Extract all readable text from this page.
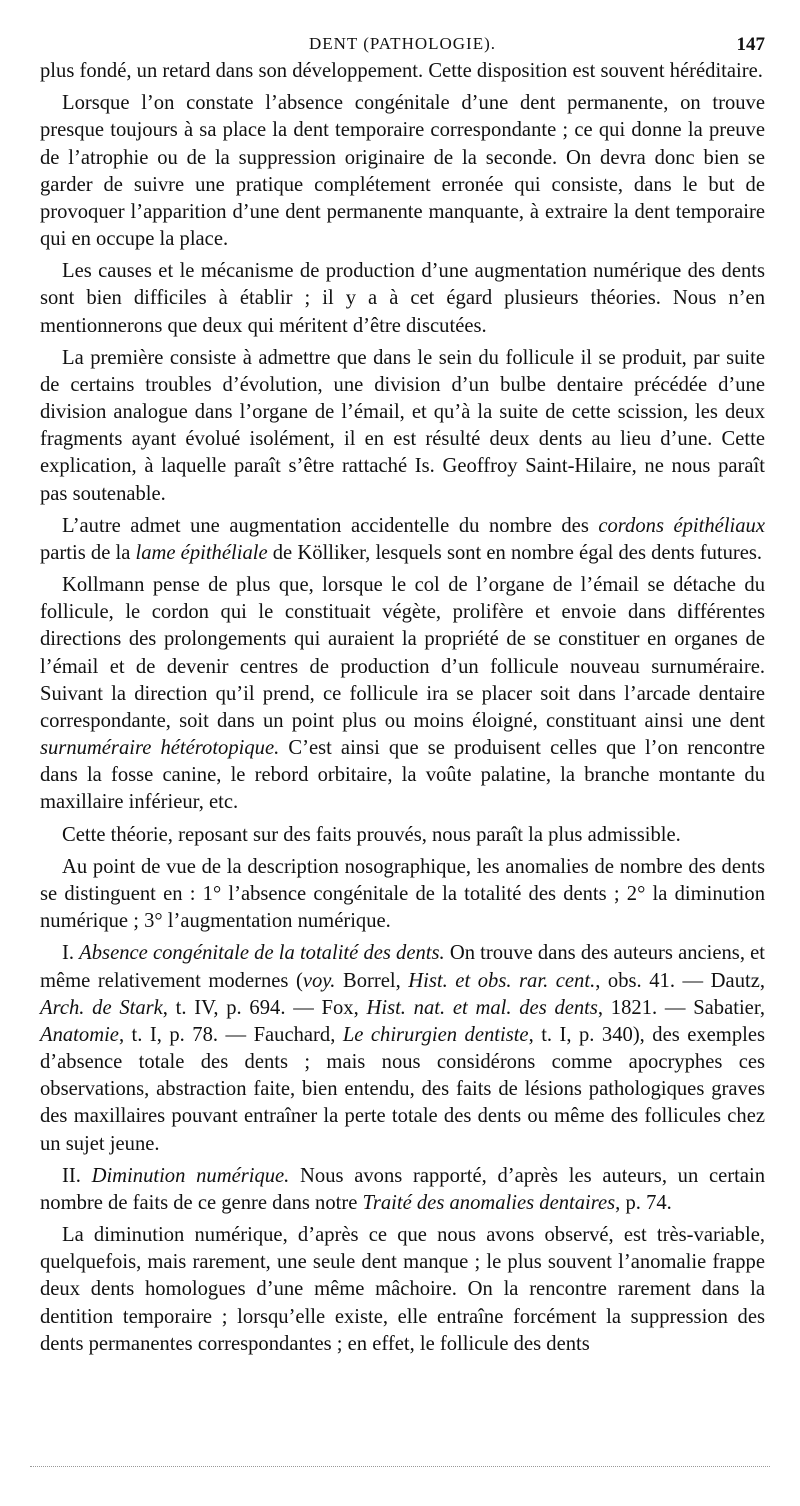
DENT (PATHOLOGIE).	147

plus fondé, un retard dans son développement. Cette disposition est souvent héréditaire.

Lorsque l’on constate l’absence congénitale d’une dent permanente, on trouve presque toujours à sa place la dent temporaire correspondante ; ce qui donne la preuve de l’atrophie ou de la suppression originaire de la seconde. On devra donc bien se garder de suivre une pratique complétement erronée qui consiste, dans le but de provoquer l’apparition d’une dent permanente manquante, à extraire la dent temporaire qui en occupe la place.

Les causes et le mécanisme de production d’une augmentation numérique des dents sont bien difficiles à établir ; il y a à cet égard plusieurs théories. Nous n’en mentionnerons que deux qui méritent d’être discutées.

La première consiste à admettre que dans le sein du follicule il se produit, par suite de certains troubles d’évolution, une division d’un bulbe dentaire précédée d’une division analogue dans l’organe de l’émail, et qu’à la suite de cette scission, les deux fragments ayant évolué isolément, il en est résulté deux dents au lieu d’une. Cette explication, à laquelle paraît s’être rattaché Is. Geoffroy Saint-Hilaire, ne nous paraît pas soutenable.

L’autre admet une augmentation accidentelle du nombre des cordons épithéliaux partis de la lame épithéliale de Kölliker, lesquels sont en nombre égal des dents futures.

Kollmann pense de plus que, lorsque le col de l’organe de l’émail se détache du follicule, le cordon qui le constituait végète, prolifère et envoie dans différentes directions des prolongements qui auraient la propriété de se constituer en organes de l’émail et de devenir centres de production d’un follicule nouveau surnuméraire. Suivant la direction qu’il prend, ce follicule ira se placer soit dans l’arcade dentaire correspondante, soit dans un point plus ou moins éloigné, constituant ainsi une dent surnuméraire hétérotopique. C’est ainsi que se produisent celles que l’on rencontre dans la fosse canine, le rebord orbitaire, la voûte palatine, la branche montante du maxillaire inférieur, etc.

Cette théorie, reposant sur des faits prouvés, nous paraît la plus admissible.

Au point de vue de la description nosographique, les anomalies de nombre des dents se distinguent en : 1° l’absence congénitale de la totalité des dents ; 2° la diminution numérique ; 3° l’augmentation numérique.

I. Absence congénitale de la totalité des dents. On trouve dans des auteurs anciens, et même relativement modernes (voy. Borrel, Hist. et obs. rar. cent., obs. 41. — Dautz, Arch. de Stark, t. IV, p. 694. — Fox, Hist. nat. et mal. des dents, 1821. — Sabatier, Anatomie, t. I, p. 78. — Fauchard, Le chirurgien dentiste, t. I, p. 340), des exemples d’absence totale des dents ; mais nous considérons comme apocryphes ces observations, abstraction faite, bien entendu, des faits de lésions pathologiques graves des maxillaires pouvant entraîner la perte totale des dents ou même des follicules chez un sujet jeune.

II. Diminution numérique. Nous avons rapporté, d’après les auteurs, un certain nombre de faits de ce genre dans notre Traité des anomalies dentaires, p. 74.

La diminution numérique, d’après ce que nous avons observé, est très-variable, quelquefois, mais rarement, une seule dent manque ; le plus souvent l’anomalie frappe deux dents homologues d’une même mâchoire. On la rencontre rarement dans la dentition temporaire ; lorsqu’elle existe, elle entraîne forcément la suppression des dents permanentes correspondantes ; en effet, le follicule des dents
